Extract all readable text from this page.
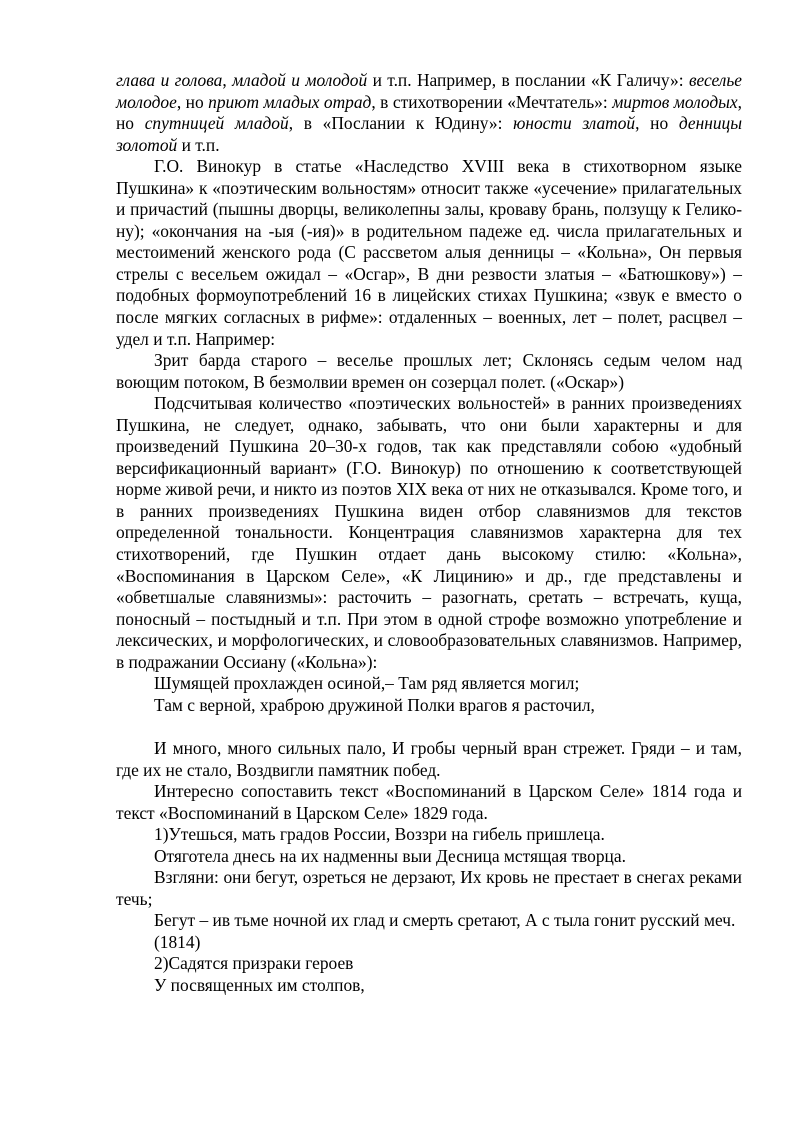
глава и голова, младой и молодой и т.п. Например, в послании «К Галичу»: веселье молодое, но приют младых отрад, в стихотворении «Мечтатель»: миртов молодых, но спутницей младой, в «Послании к Юдину»: юности златой, но денницы золотой и т.п.

Г.О. Винокур в статье «Наследство XVIII века в стихотворном языке Пушкина» к «поэтическим вольностям» относит также «усечение» прилагательных и причастий (пышны дворцы, великолепны залы, кроваву брань, ползущу к Гелико- ну); «окончания на -ыя (-ия)» в родительном падеже ед. числа прилагательных и местоимений женского рода (С рассветом алыя денницы – «Кольна», Он первыя стрелы с весельем ожидал – «Осгар», В дни резвости златыя – «Батюшкову») – подобных формоупотреблений 16 в лицейских стихах Пушкина; «звук е вместо о после мягких согласных в рифме»: отдаленных – военных, лет – полет, расцвел – удел и т.п. Например:

Зрит барда старого – веселье прошлых лет; Склонясь седым челом над воющим потоком, В безмолвии времен он созерцал полет. («Оскар»)

Подсчитывая количество «поэтических вольностей» в ранних произведениях Пушкина, не следует, однако, забывать, что они были характерны и для произведений Пушкина 20–30-х годов, так как представляли собою «удобный версификационный вариант» (Г.О. Винокур) по отношению к соответствующей норме живой речи, и никто из поэтов XIX века от них не отказывался. Кроме того, и в ранних произведениях Пушкина виден отбор славянизмов для текстов определенной тональности. Концентрация славянизмов характерна для тех стихотворений, где Пушкин отдает дань высокому стилю: «Кольна», «Воспоминания в Царском Селе», «К Лицинию» и др., где представлены и «обветшалые славянизмы»: расточить – разогнать, сретать – встречать, куща, поносный – постыдный и т.п. При этом в одной строфе возможно употребление и лексических, и морфологических, и словообразовательных славянизмов. Например, в подражании Оссиану («Кольна»):

Шумящей прохлажден осиной,– Там ряд является могил;

Там с верной, храброю дружиной Полки врагов я расточил,

И много, много сильных пало, И гробы черный вран стрежет. Гряди – и там, где их не стало, Воздвигли памятник побед.

Интересно сопоставить текст «Воспоминаний в Царском Селе» 1814 года и текст «Воспоминаний в Царском Селе» 1829 года.

1)Утешься, мать градов России, Воззри на гибель пришлеца.

Отяготела днесь на их надменны выи Десница мстящая творца.

Взгляни: они бегут, озреться не дерзают, Их кровь не престает в снегах реками течь;

Бегут – ив тьме ночной их глад и смерть сретают, А с тыла гонит русский меч.

(1814)

2)Садятся призраки героев

У посвященных им столпов,
